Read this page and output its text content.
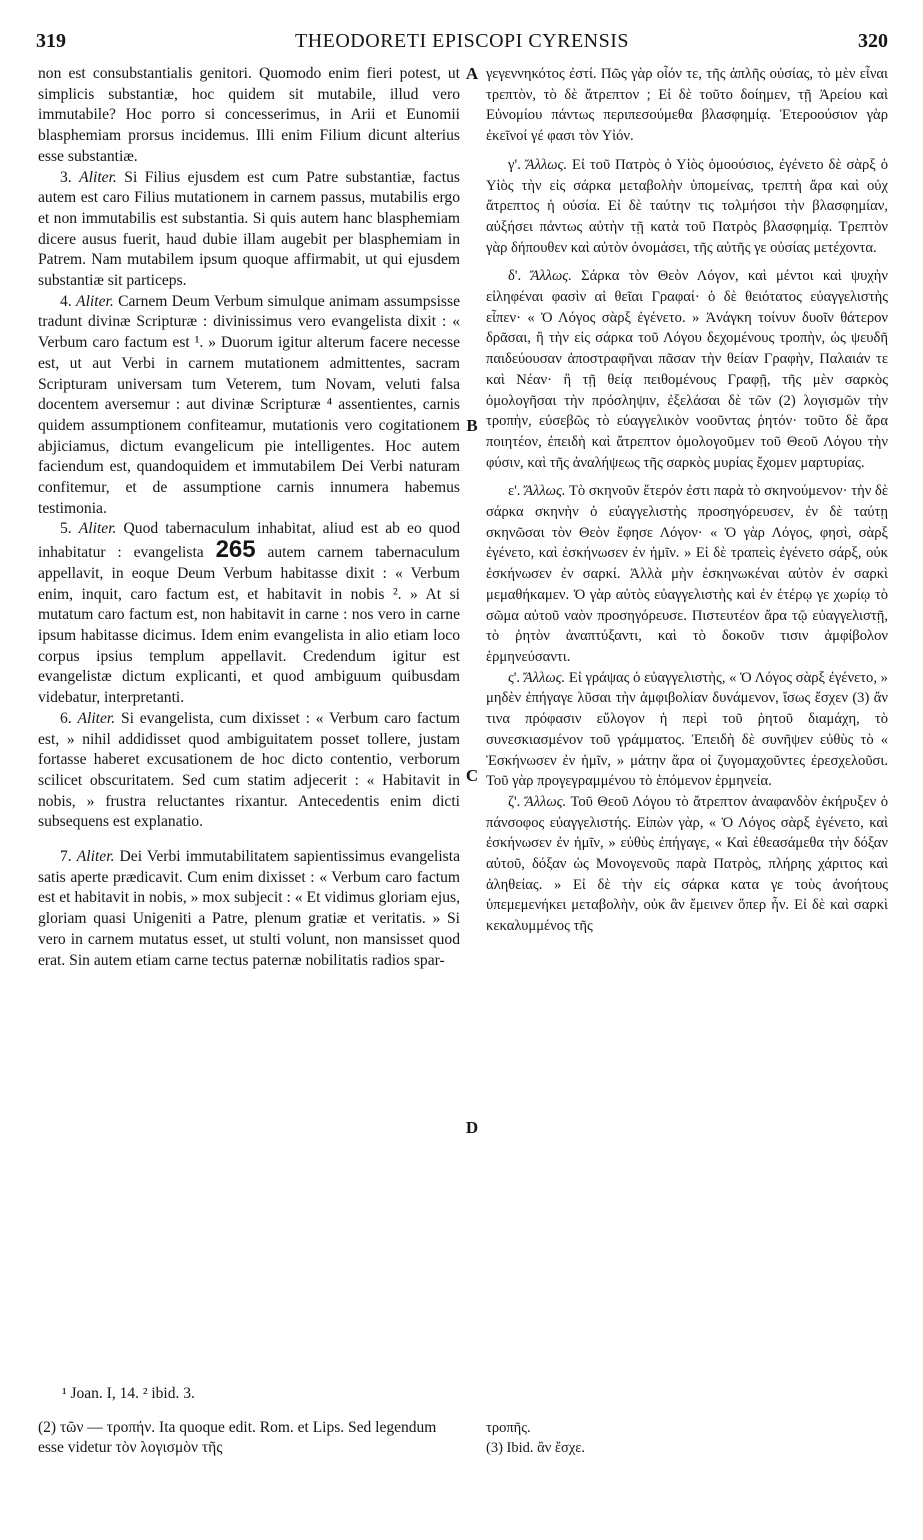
319	THEODORETI EPISCOPI CYRENSIS	320

non est consubstantialis genitori. Quomodo enim fieri potest, ut simplicis substantiæ, hoc quidem sit mutabile, illud vero immutabile? Hoc porro si concesserimus, in Arii et Eunomii blasphemiam prorsus incidemus. Illi enim Filium dicunt alterius esse substantiæ.

3. Aliter. Si Filius ejusdem est cum Patre substantiæ, factus autem est caro Filius mutationem in carnem passus, mutabilis ergo et non immutabilis est substantia. Si quis autem hanc blasphemiam dicere ausus fuerit, haud dubie illam augebit per blasphemiam in Patrem. Nam mutabilem ipsum quoque affirmabit, ut qui ejusdem substantiæ sit particeps.

4. Aliter. Carnem Deum Verbum simulque animam assumpsisse tradunt divinæ Scripturæ : divinissimus vero evangelista dixit : « Verbum caro factum est ¹. » Duorum igitur alterum facere necesse est, ut aut Verbi in carnem mutationem admittentes, sacram Scripturam universam tum Veterem, tum Novam, veluti falsa docentem aversemur : aut divinæ Scripturæ ⁴ assentientes, carnis quidem assumptionem confiteamur, mutationis vero cogitationem abjiciamus, dictum evangelicum pie intelligentes. Hoc autem faciendum est, quandoquidem et immutabilem Dei Verbi naturam confitemur, et de assumptione carnis innumera habemus testimonia.

5. Aliter. Quod tabernaculum inhabitat, aliud est ab eo quod inhabitatur : evangelista 265 autem carnem tabernaculum appellavit, in eoque Deum Verbum habitasse dixit : « Verbum enim, inquit, caro factum est, et habitavit in nobis ². » At si mutatum caro factum est, non habitavit in carne : nos vero in carne ipsum habitasse dicimus. Idem enim evangelista in alio etiam loco corpus ipsius templum appellavit. Credendum igitur est evangelistæ dictum explicanti, et quod ambiguum quibusdam videbatur, interpretanti.

6. Aliter. Si evangelista, cum dixisset : « Verbum caro factum est, » nihil addidisset quod ambiguitatem posset tollere, justam fortasse haberet excusationem de hoc dicto contentio, verborum scilicet obscuritatem. Sed cum statim adjecerit : « Habitavit in nobis, » frustra reluctantes rixantur. Antecedentis enim dicti subsequens est explanatio.

7. Aliter. Dei Verbi immutabilitatem sapientissimus evangelista satis aperte prædicavit. Cum enim dixisset : « Verbum caro factum est et habitavit in nobis, » mox subjecit : « Et vidimus gloriam ejus, gloriam quasi Unigeniti a Patre, plenum gratiæ et veritatis. » Si vero in carnem mutatus esset, ut stulti volunt, non mansisset quod erat. Sin autem etiam carne tectus paternæ nobilitatis radios spar-

A
B
C
D

γεγεννηκότος ἐστί. Πῶς γὰρ οἷόν τε, τῆς ἁπλῆς οὐσίας, τὸ μὲν εἶναι τρεπτὸν, τὸ δὲ ἄτρεπτον ; Εἰ δὲ τοῦτο δοίημεν, τῇ Ἀρείου καὶ Εὐνομίου πάντως περιπεσούμεθα βλασφημίᾳ. Ἑτεροούσιον γὰρ ἐκεῖνοί γέ φασι τὸν Υἱόν.

γ'. Ἄλλως. Εἰ τοῦ Πατρὸς ὁ Υἱὸς ὁμοούσιος, ἐγένετο δὲ σὰρξ ὁ Υἱὸς τὴν εἰς σάρκα μεταβολὴν ὑπομείνας, τρεπτὴ ἄρα καὶ οὐχ ἄτρεπτος ἡ οὐσία. Εἰ δὲ ταύτην τις τολμήσοι τὴν βλασφημίαν, αὐξήσει πάντως αὐτὴν τῇ κατὰ τοῦ Πατρὸς βλασφημίᾳ. Τρεπτὸν γὰρ δήπουθεν καὶ αὐτὸν ὀνομάσει, τῆς αὐτῆς γε οὐσίας μετέχοντα.

δ'. Ἄλλως. Σάρκα τὸν Θεὸν Λόγον, καὶ μέντοι καὶ ψυχὴν εἰληφέναι φασὶν αἱ θεῖαι Γραφαί· ὁ δὲ θειότατος εὐαγγελιστὴς εἶπεν· « Ὁ Λόγος σὰρξ ἐγένετο. » Ἀνάγκη τοίνυν δυοῖν θάτερον δρᾶσαι, ἢ τὴν εἰς σάρκα τοῦ Λόγου δεχομένους τροπὴν, ὡς ψευδῆ παιδεύουσαν ἀποστραφῆναι πᾶσαν τὴν θείαν Γραφὴν, Παλαιάν τε καὶ Νέαν· ἢ τῇ θείᾳ πειθομένους Γραφῇ, τῆς μὲν σαρκὸς ὁμολογῆσαι τὴν πρόσληψιν, ἐξελάσαι δὲ τῶν (2) λογισμῶν τὴν τροπὴν, εὐσεβῶς τὸ εὐαγγελικὸν νοοῦντας ῥητόν· τοῦτο δὲ ἄρα ποιητέον, ἐπειδὴ καὶ ἄτρεπτον ὁμολογοῦμεν τοῦ Θεοῦ Λόγου τὴν φύσιν, καὶ τῆς ἀναλήψεως τῆς σαρκὸς μυρίας ἔχομεν μαρτυρίας.

ε'. Ἄλλως. Τὸ σκηνοῦν ἕτερόν ἐστι παρὰ τὸ σκηνούμενον· τὴν δὲ σάρκα σκηνὴν ὁ εὐαγγελιστὴς προσηγόρευσεν, ἐν δὲ ταύτῃ σκηνῶσαι τὸν Θεὸν ἔφησε Λόγον· « Ὁ γὰρ Λόγος, φησὶ, σὰρξ ἐγένετο, καὶ ἐσκήνωσεν ἐν ἡμῖν. » Εἰ δὲ τραπεὶς ἐγένετο σάρξ, οὐκ ἐσκήνωσεν ἐν σαρκί. Ἀλλὰ μὴν ἐσκηνωκέναι αὐτὸν ἐν σαρκὶ μεμαθήκαμεν. Ὁ γὰρ αὐτὸς εὐαγγελιστὴς καὶ ἐν ἑτέρῳ γε χωρίῳ τὸ σῶμα αὐτοῦ ναὸν προσηγόρευσε. Πιστευτέον ἄρα τῷ εὐαγγελιστῇ, τὸ ῥητὸν ἀναπτύξαντι, καὶ τὸ δοκοῦν τισιν ἀμφίβολον ἑρμηνεύσαντι.

ς'. Ἄλλως. Εἰ γράψας ὁ εὐαγγελιστὴς, « Ὁ Λόγος σὰρξ ἐγένετο, » μηδὲν ἐπήγαγε λῦσαι τὴν ἀμφιβολίαν δυνάμενον, ἴσως ἔσχεν (3) ἄν τινα πρόφασιν εὔλογον ἡ περὶ τοῦ ῥητοῦ διαμάχη, τὸ συνεσκιασμένον τοῦ γράμματος. Ἐπειδὴ δὲ συνῆψεν εὐθὺς τὸ « Ἐσκήνωσεν ἐν ἡμῖν, » μάτην ἄρα οἱ ζυγομαχοῦντες ἐρεσχελοῦσι. Τοῦ γὰρ προγεγραμμένου τὸ ἑπόμενον ἑρμηνεία.

ζ'. Ἄλλως. Τοῦ Θεοῦ Λόγου τὸ ἄτρεπτον ἀναφανδὸν ἐκήρυξεν ὁ πάνσοφος εὐαγγελιστής. Εἰπὼν γὰρ, « Ὁ Λόγος σὰρξ ἐγένετο, καὶ ἐσκήνωσεν ἐν ἡμῖν, » εὐθὺς ἐπήγαγε, « Καὶ ἐθεασάμεθα τὴν δόξαν αὐτοῦ, δόξαν ὡς Μονογενοῦς παρὰ Πατρὸς, πλήρης χάριτος καὶ ἀληθείας. » Εἰ δὲ τὴν εἰς σάρκα κατα γε τοὺς ἀνοήτους ὑπεμεμενήκει μεταβολὴν, οὐκ ἂν ἔμεινεν ὅπερ ἦν. Εἰ δὲ καὶ σαρκὶ κεκαλυμμένος τῆς

¹ Joan. I, 14. ² ibid. 3.
(2) τῶν — τροπήν. Ita quoque edit. Rom. et Lips. Sed legendum esse videtur τὸν λογισμὸν τῆς
τροπῆς.
(3) Ibid. ἂν ἔσχε.
